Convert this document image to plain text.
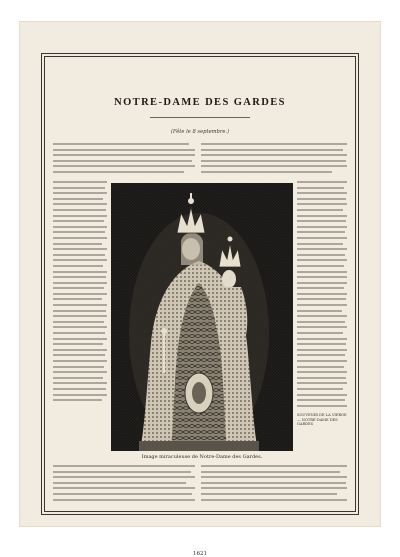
NOTRE-DAME DES GARDES
(Fête le 8 septembre.)
Image miraculeuse de Notre-Dame des Gardes.
SOUVENIR DE LA VIERGE — NOTRE-DAME DES GARDES
1621
